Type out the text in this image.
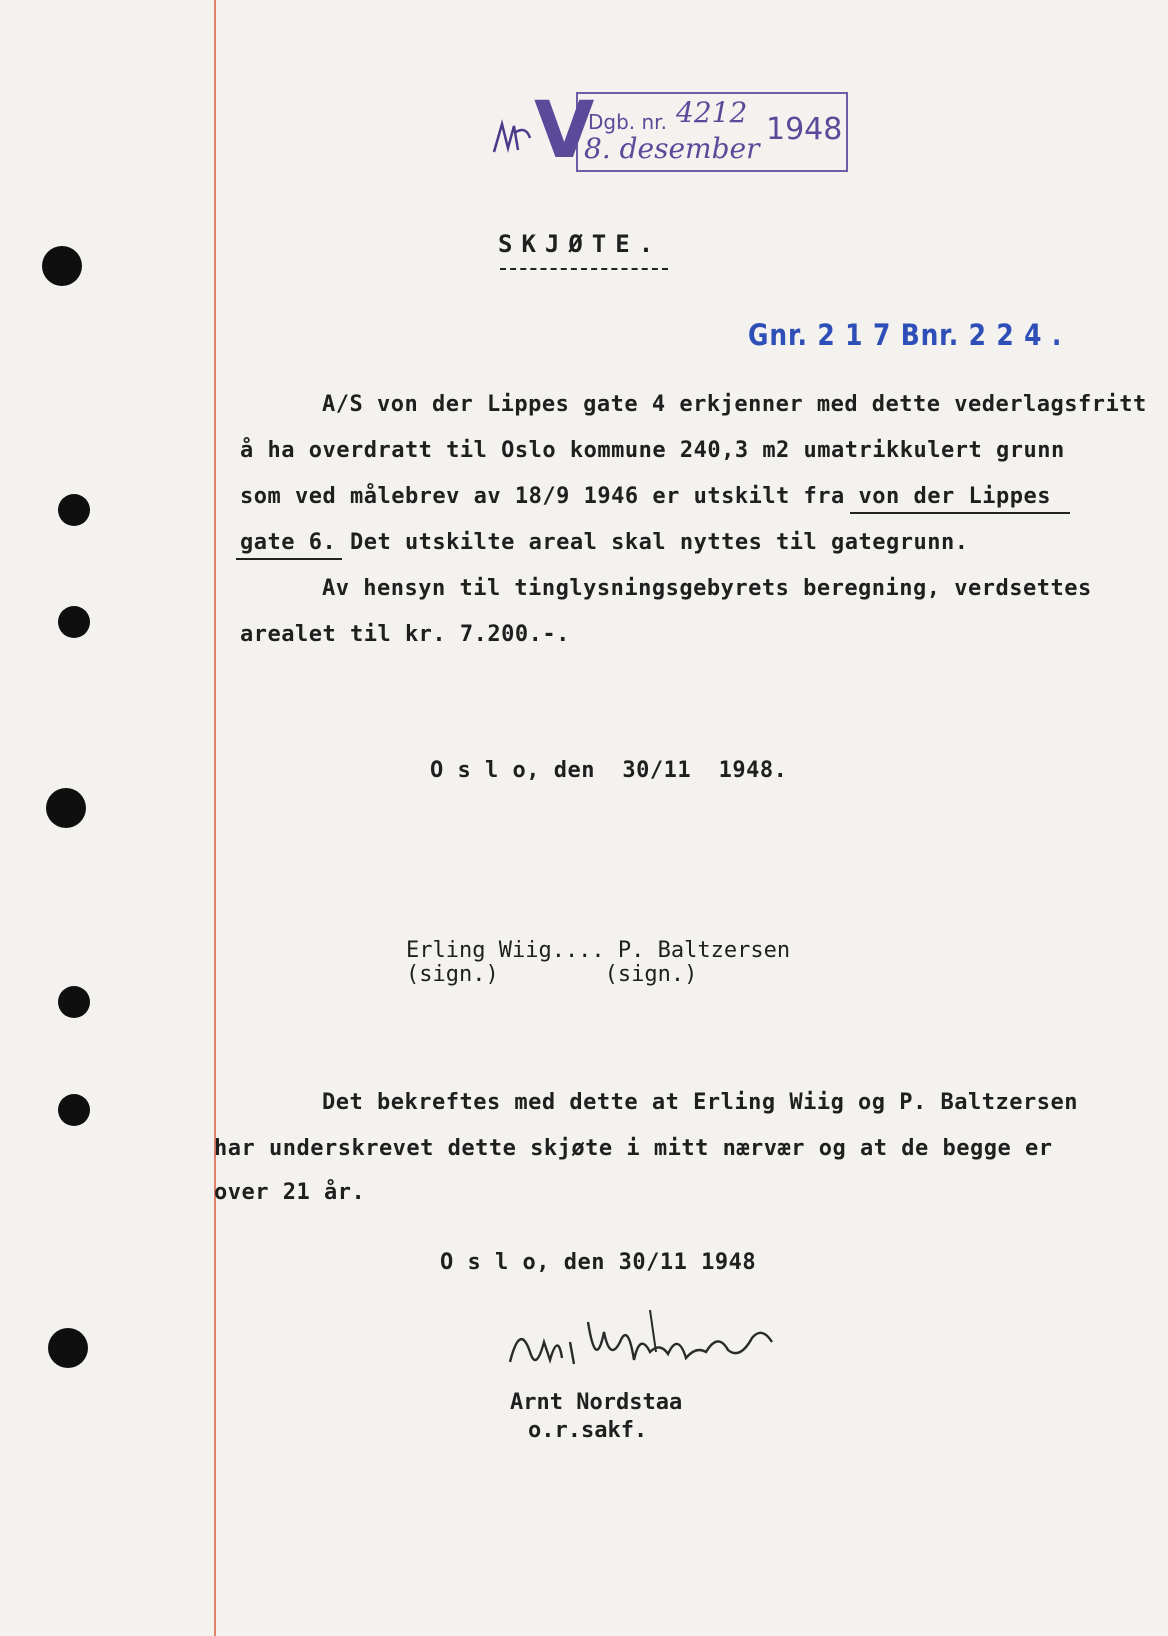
V
Dgb. nr. 4212
8. desember
1948
Gnr. 2 1 7 Bnr. 2 2 4 .
SKJØTE.
A/S von der Lippes gate 4 erkjenner med dette vederlagsfritt
å ha overdratt til Oslo kommune 240,3 m2 umatrikkulert grunn
som ved målebrev av 18/9 1946 er utskilt fra von der Lippes
gate 6. Det utskilte areal skal nyttes til gategrunn.
Av hensyn til tinglysningsgebyrets beregning, verdsettes
arealet til kr. 7.200.-.
O s l o, den  30/11  1948.
Erling Wiig.... P. Baltzersen
(sign.)        (sign.)
Det bekreftes med dette at Erling Wiig og P. Baltzersen
har underskrevet dette skjøte i mitt nærvær og at de begge er
over 21 år.
O s l o, den 30/11 1948
Arnt Nordstaa
o.r.sakf.
